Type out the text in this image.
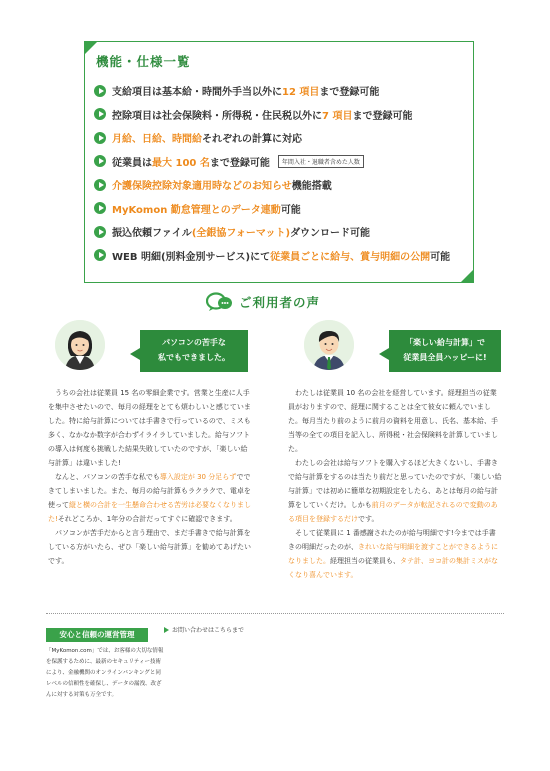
機能・仕様一覧
支給項目は基本給・時間外手当以外に 12 項目 まで登録可能
控除項目は社会保険料・所得税・住民税以外に 7 項目 まで登録可能
月給、日給、時間給 それぞれの計算に対応
従業員は 最大 100 名 まで登録可能	年間入社・退職者含めた人数
介護保険控除対象適用時などのお知らせ 機能搭載
MyKomon 勤怠管理とのデータ連動 可能
振込依頼ファイル (全銀協フォーマット) ダウンロード可能
WEB 明細(別料金別サービス)にて 従業員ごとに給与、賞与明細の公開 可能
ご利用者の声
パソコンの苦手な
私でもできました。
「楽しい給与計算」で
従業員全員ハッピーに!

うちの会社は従業員 15 名の零細企業です。営業と生産に人手を集中させたいので、毎月の経理をとても煩わしいと感じていました。特に給与計算については手書きで行っているので、ミスも多く、なかなか数字が合わずイライラしていました。給与ソフトの導入は何度も挑戦した結果失敗していたのですが、「楽しい給与計算」は違いました!

なんと、パソコンの苦手な私でも導入設定が 30 分足らずでできてしまいました。また、毎月の給与計算もラクラクで、電卓を使って縦と横の合計を一生懸命合わせる苦労は必要なくなりました!それどころか、1年分の合計だってすぐに確認できます。

パソコンが苦手だからと言う理由で、まだ手書きで給与計算をしている方がいたら、ぜひ「楽しい給与計算」を勧めてあげたいです。

わたしは従業員 10 名の会社を経営しています。経理担当の従業員がおりますので、経理に関することは全て彼女に頼んでいました。毎月当たり前のように前月の資料を用意し、氏名、基本給、手当等の全ての項目を記入し、所得税・社会保険料を計算していました。

わたしの会社は給与ソフトを購入するほど大きくないし、手書きで給与計算をするのは当たり前だと思っていたのですが、「楽しい給与計算」では初めに簡単な初期設定をしたら、あとは毎月の給与計算をしていくだけ。しかも前月のデータが転記されるので変動のある項目を登録するだけです。

そして従業員に 1 番感謝されたのが給与明細です!今までは手書きの明細だったのが、きれいな給与明細を渡すことができるようになりました。経理担当の従業員も、タテ計、ヨコ計の集計ミスがなくなり喜んでいます。

安心と信頼の運営管理

「MyKomon.com」では、お客様の大切な情報を保護するために、最新のセキュリティー技術により、金融機関のオンラインバンキングと同レベルの信頼性を確保し、データの漏洩、改ざんに対する対策も万全です。

お問い合わせはこちらまで
